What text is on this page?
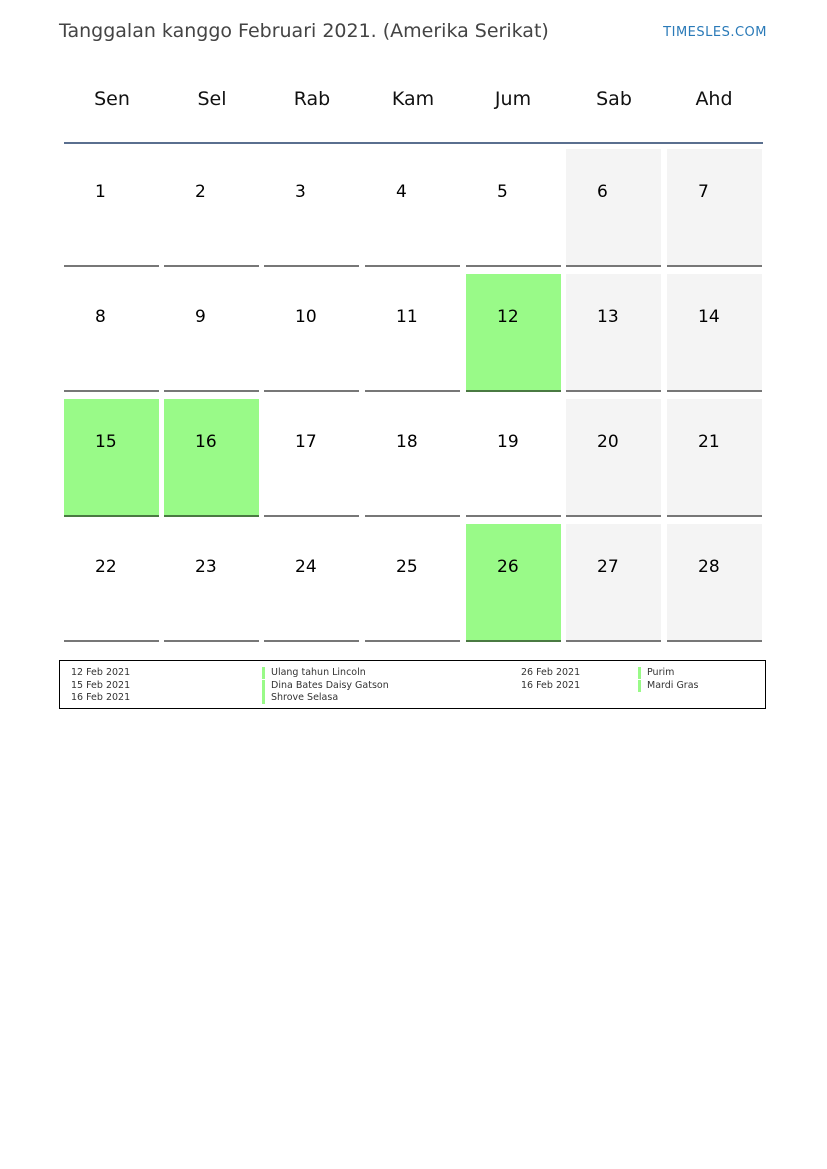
Tanggalan kanggo Februari 2021. (Amerika Serikat)	TIMESLES.COM
Sen	Sel	Rab	Kam	Jum	Sab	Ahd
1	2	3	4	5	6	7
8	9	10	11	12	13	14
15	16	17	18	19	20	21
22	23	24	25	26	27	28
12 Feb 2021	Ulang tahun Lincoln
15 Feb 2021	Dina Bates Daisy Gatson
16 Feb 2021	Shrove Selasa
26 Feb 2021	Purim
16 Feb 2021	Mardi Gras
